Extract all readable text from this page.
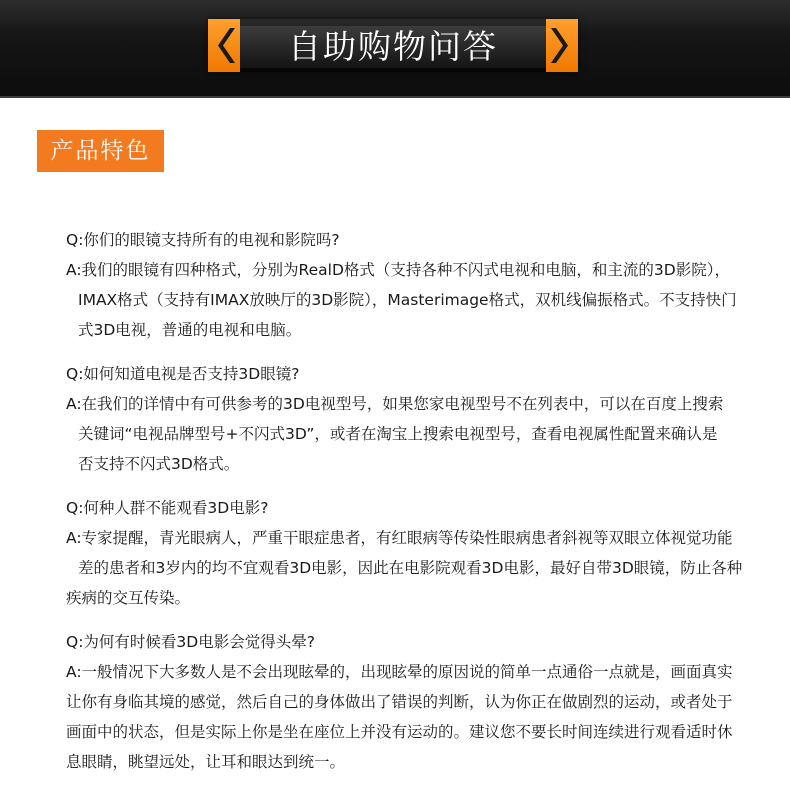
自助购物问答
产品特色
Q:你们的眼镜支持所有的电视和影院吗?
A:我们的眼镜有四种格式，分别为RealD格式（支持各种不闪式电视和电脑，和主流的3D影院），
IMAX格式（支持有IMAX放映厅的3D影院），Masterimage格式，双机线偏振格式。不支持快门
式3D电视，普通的电视和电脑。
Q:如何知道电视是否支持3D眼镜?
A:在我们的详情中有可供参考的3D电视型号，如果您家电视型号不在列表中，可以在百度上搜索
关键词“电视品牌型号+不闪式3D”，或者在淘宝上搜索电视型号，查看电视属性配置来确认是
否支持不闪式3D格式。
Q:何种人群不能观看3D电影?
A:专家提醒，青光眼病人，严重干眼症患者，有红眼病等传染性眼病患者斜视等双眼立体视觉功能
差的患者和3岁内的均不宜观看3D电影，因此在电影院观看3D电影，最好自带3D眼镜，防止各种
疾病的交互传染。
Q:为何有时候看3D电影会觉得头晕?
A:一般情况下大多数人是不会出现眩晕的，出现眩晕的原因说的简单一点通俗一点就是，画面真实
让你有身临其境的感觉，然后自己的身体做出了错误的判断，认为你正在做剧烈的运动，或者处于
画面中的状态，但是实际上你是坐在座位上并没有运动的。建议您不要长时间连续进行观看适时休
息眼睛，眺望远处，让耳和眼达到统一。
